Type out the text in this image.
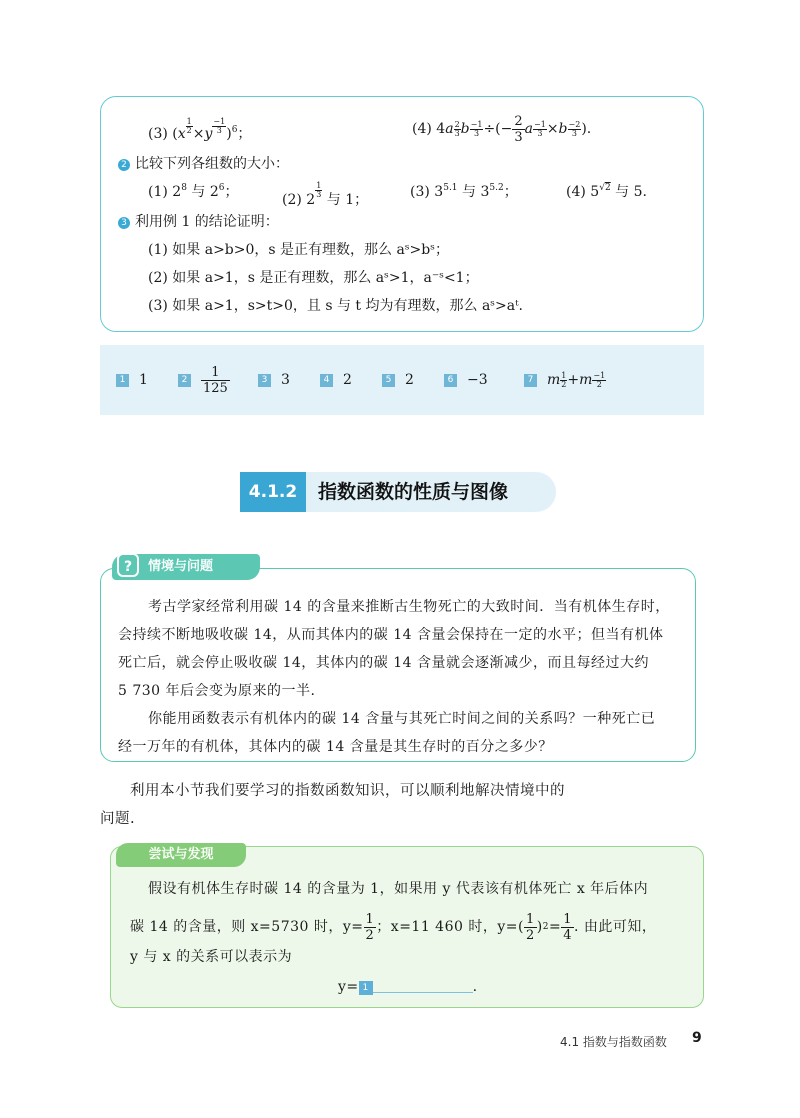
(3) $(x \frac{1}{2} \times y \frac{-1}{3} )^6$；	(4)
4 a 2
3 b $\frac{-1}{3}$ ÷ ( − $\frac{2}{3}$ a −1
3 × b −2
3 ).
2 比较下列各组数的大小：
(1) $2^8$ 与 $2^6$；	(2) 2
$\frac{1}{3}$
与 1；	(3) $3^{5.1}$ 与 $3^{5.2}$；	(4) $5^{√2}$ 与 5.
3 利用例 1 的结论证明：
(1) 如果 a>b>0，s 是正有理数，那么 aˢ>bˢ；
(2) 如果 a>1，s 是正有理数，那么 aˢ>1，a⁻ˢ<1；
(3) 如果 a>1，s>t>0，且 s 与 t 均为有理数，那么 aˢ>aᵗ.
1 1	$2 \frac{1}{125}$	3 3	4 2	5 2	6 −3	7 m 1
2 + m −1
2
4.1.2	指数函数的性质与图像
情境与问题
?
考古学家经常利用碳 14 的含量来推断古生物死亡的大致时间．当有机体生存时，
会持续不断地吸收碳 14，从而其体内的碳 14 含量会保持在一定的水平；但当有机体
死亡后，就会停止吸收碳 14，其体内的碳 14 含量就会逐渐减少，而且每经过大约
5 730 年后会变为原来的一半.
你能用函数表示有机体内的碳 14 含量与其死亡时间之间的关系吗？一种死亡已
经一万年的有机体，其体内的碳 14 含量是其生存时的百分之多少？
利用本小节我们要学习的指数函数知识，可以顺利地解决情境中的
问题.
尝试与发现
假设有机体生存时碳 14 的含量为 1，如果用 y 代表该有机体死亡 x 年后体内
碳 14 的含量，则 x=5730 时，$y= \frac{1}{2}$ ；x=11 460 时，y= ( $\frac{1}{2}$ ) $2 = \frac{1}{4}$ . 由此可知，
y 与 x 的关系可以表示为
y= 1	.
4.1 指数与指数函数 9
